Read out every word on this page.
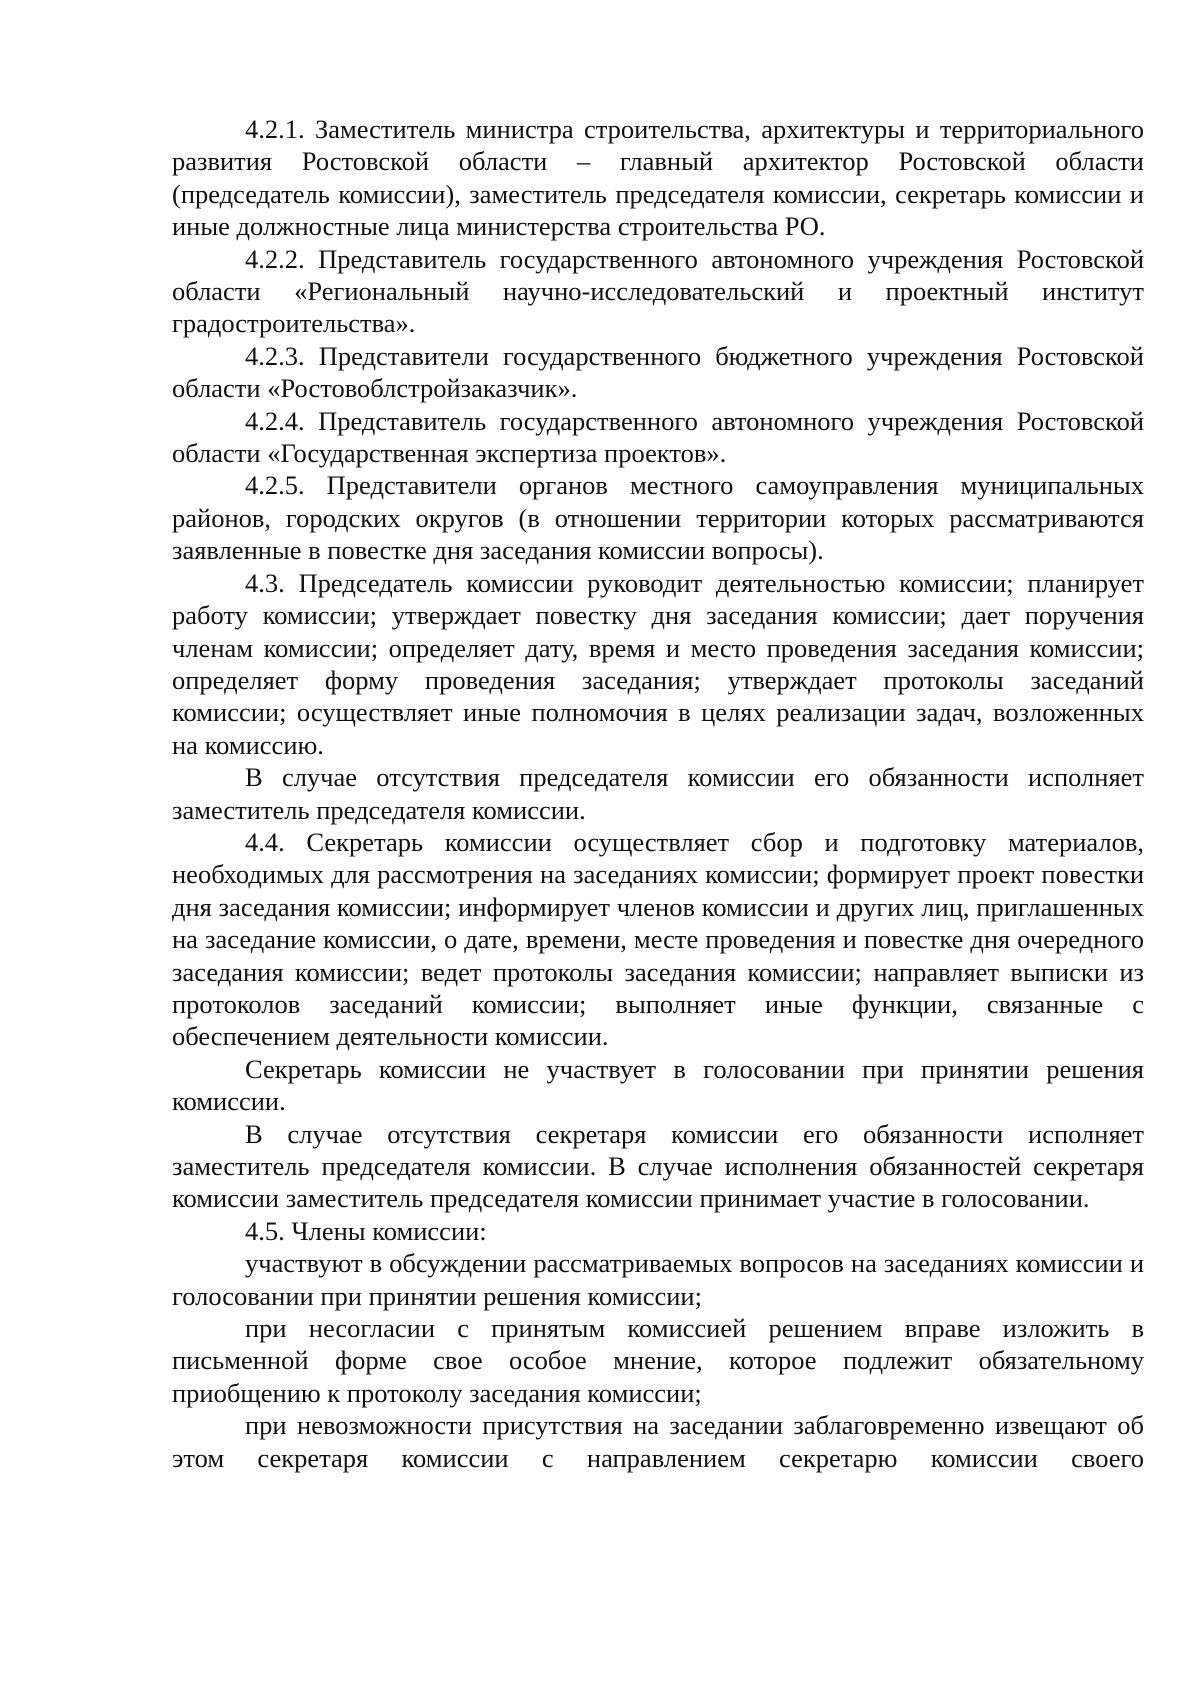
4.2.1. Заместитель министра строительства, архитектуры и территориального развития Ростовской области – главный архитектор Ростовской области (председатель комиссии), заместитель председателя комиссии, секретарь комиссии и иные должностные лица министерства строительства РО.

4.2.2. Представитель государственного автономного учреждения Ростовской области «Региональный научно-исследовательский и проектный институт градостроительства».

4.2.3. Представители государственного бюджетного учреждения Ростовской области «Ростовоблстройзаказчик».

4.2.4. Представитель государственного автономного учреждения Ростовской области «Государственная экспертиза проектов».

4.2.5. Представители органов местного самоуправления муниципальных районов, городских округов (в отношении территории которых рассматриваются заявленные в повестке дня заседания комиссии вопросы).

4.3. Председатель комиссии руководит деятельностью комиссии; планирует работу комиссии; утверждает повестку дня заседания комиссии; дает поручения членам комиссии; определяет дату, время и место проведения заседания комиссии; определяет форму проведения заседания; утверждает протоколы заседаний комиссии; осуществляет иные полномочия в целях реализации задач, возложенных на комиссию.

В случае отсутствия председателя комиссии его обязанности исполняет заместитель председателя комиссии.

4.4. Секретарь комиссии осуществляет сбор и подготовку материалов, необходимых для рассмотрения на заседаниях комиссии; формирует проект повестки дня заседания комиссии; информирует членов комиссии и других лиц, приглашенных на заседание комиссии, о дате, времени, месте проведения и повестке дня очередного заседания комиссии; ведет протоколы заседания комиссии; направляет выписки из протоколов заседаний комиссии; выполняет иные функции, связанные с обеспечением деятельности комиссии.

Секретарь комиссии не участвует в голосовании при принятии решения комиссии.

В случае отсутствия секретаря комиссии его обязанности исполняет заместитель председателя комиссии. В случае исполнения обязанностей секретаря комиссии заместитель председателя комиссии принимает участие в голосовании.

4.5. Члены комиссии:

участвуют в обсуждении рассматриваемых вопросов на заседаниях комиссии и голосовании при принятии решения комиссии;

при несогласии с принятым комиссией решением вправе изложить в письменной форме свое особое мнение, которое подлежит обязательному приобщению к протоколу заседания комиссии;

при невозможности присутствия на заседании заблаговременно извещают об этом секретаря комиссии с направлением секретарю комиссии своего
